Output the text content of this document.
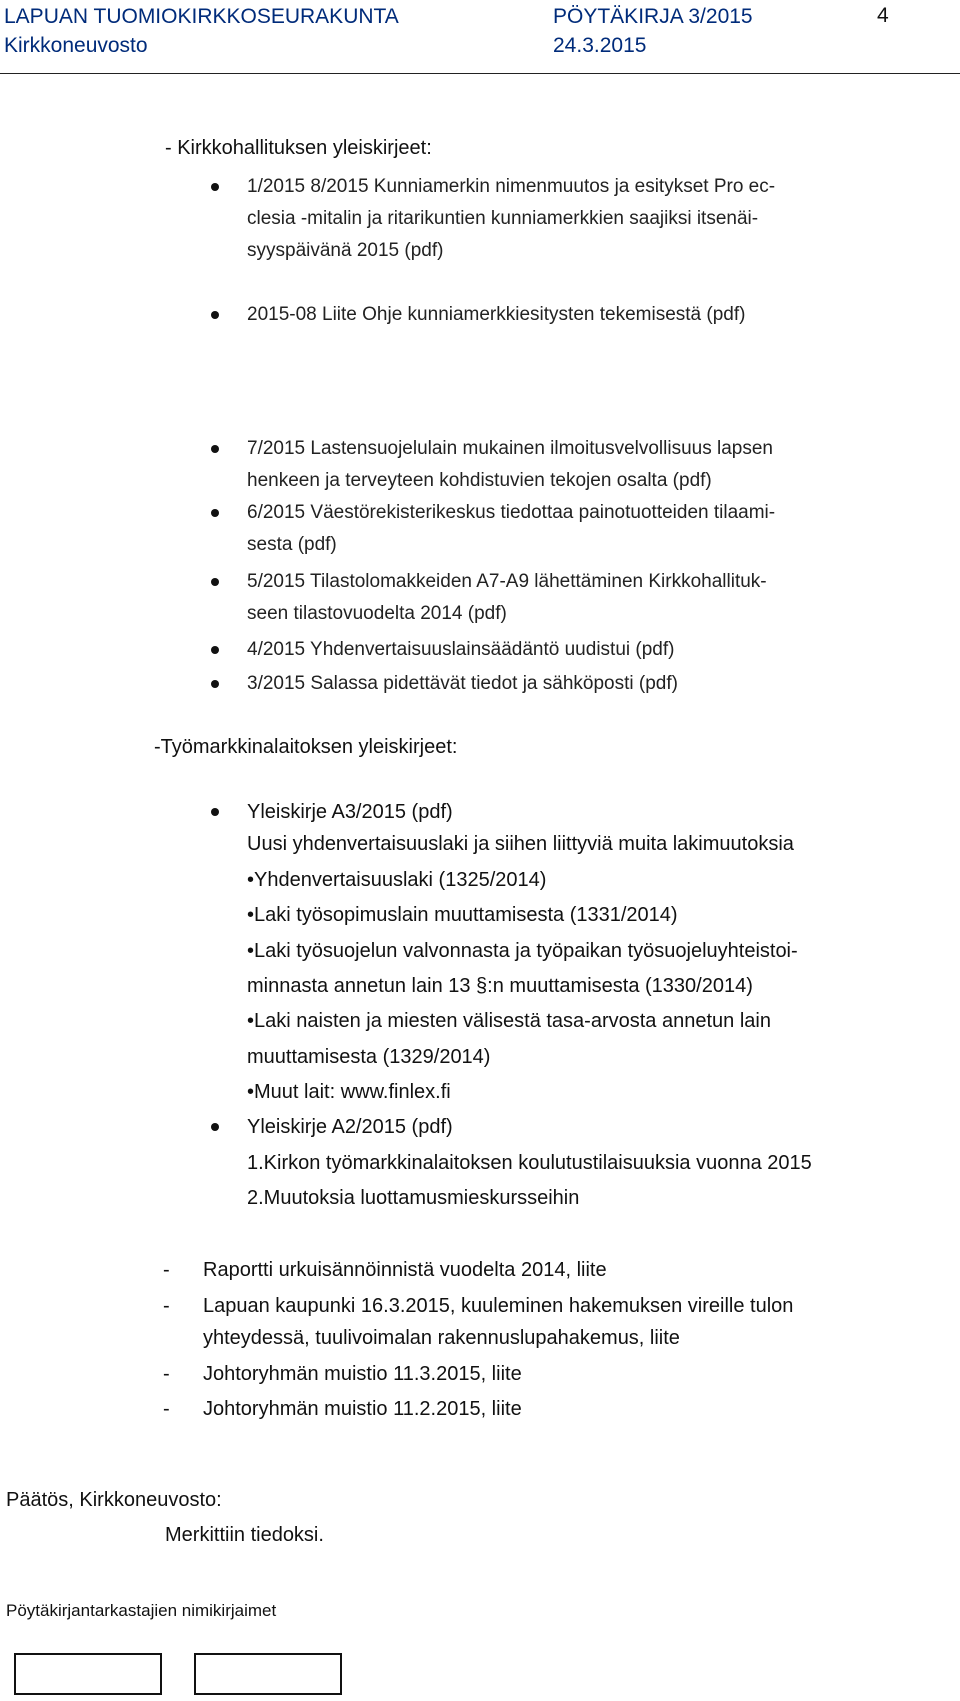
LAPUAN TUOMIOKIRKKOSEURAKUNTA	PÖYTÄKIRJA 3/2015
Kirkkoneuvosto	24.3.2015
4
- Kirkkohallituksen yleiskirjeet:
1/2015 8/2015 Kunniamerkin nimenmuutos ja esitykset Pro ec-
clesia -mitalin ja ritarikuntien kunniamerkkien saajiksi itsenäi-
syyspäivänä 2015 (pdf)
2015-08 Liite Ohje kunniamerkkiesitysten tekemisestä (pdf)
7/2015 Lastensuojelulain mukainen ilmoitusvelvollisuus lapsen
henkeen ja terveyteen kohdistuvien tekojen osalta (pdf)
6/2015 Väestörekisterikeskus tiedottaa painotuotteiden tilaami-
sesta (pdf)
5/2015 Tilastolomakkeiden A7-A9 lähettäminen Kirkkohallituk-
seen tilastovuodelta 2014 (pdf)
4/2015 Yhdenvertaisuuslainsäädäntö uudistui (pdf)
3/2015 Salassa pidettävät tiedot ja sähköposti (pdf)
-Työmarkkinalaitoksen yleiskirjeet:
Yleiskirje A3/2015 (pdf)
Uusi yhdenvertaisuuslaki ja siihen liittyviä muita lakimuutoksia
•Yhdenvertaisuuslaki (1325/2014)
•Laki työsopimuslain muuttamisesta (1331/2014)
•Laki työsuojelun valvonnasta ja työpaikan työsuojeluyhteistoi-
minnasta annetun lain 13 §:n muuttamisesta (1330/2014)
•Laki naisten ja miesten välisestä tasa-arvosta annetun lain
muuttamisesta (1329/2014)
•Muut lait: www.finlex.fi
Yleiskirje A2/2015 (pdf)
1.Kirkon työmarkkinalaitoksen koulutustilaisuuksia vuonna 2015
2.Muutoksia luottamusmieskursseihin
- Raportti urkuisännöinnistä vuodelta 2014, liite
- Lapuan kaupunki 16.3.2015, kuuleminen hakemuksen vireille tulon
yhteydessä, tuulivoimalan rakennuslupahakemus, liite
- Johtoryhmän muistio 11.3.2015, liite
- Johtoryhmän muistio 11.2.2015, liite
Päätös, Kirkkoneuvosto:
Merkittiin tiedoksi.
Pöytäkirjantarkastajien nimikirjaimet
